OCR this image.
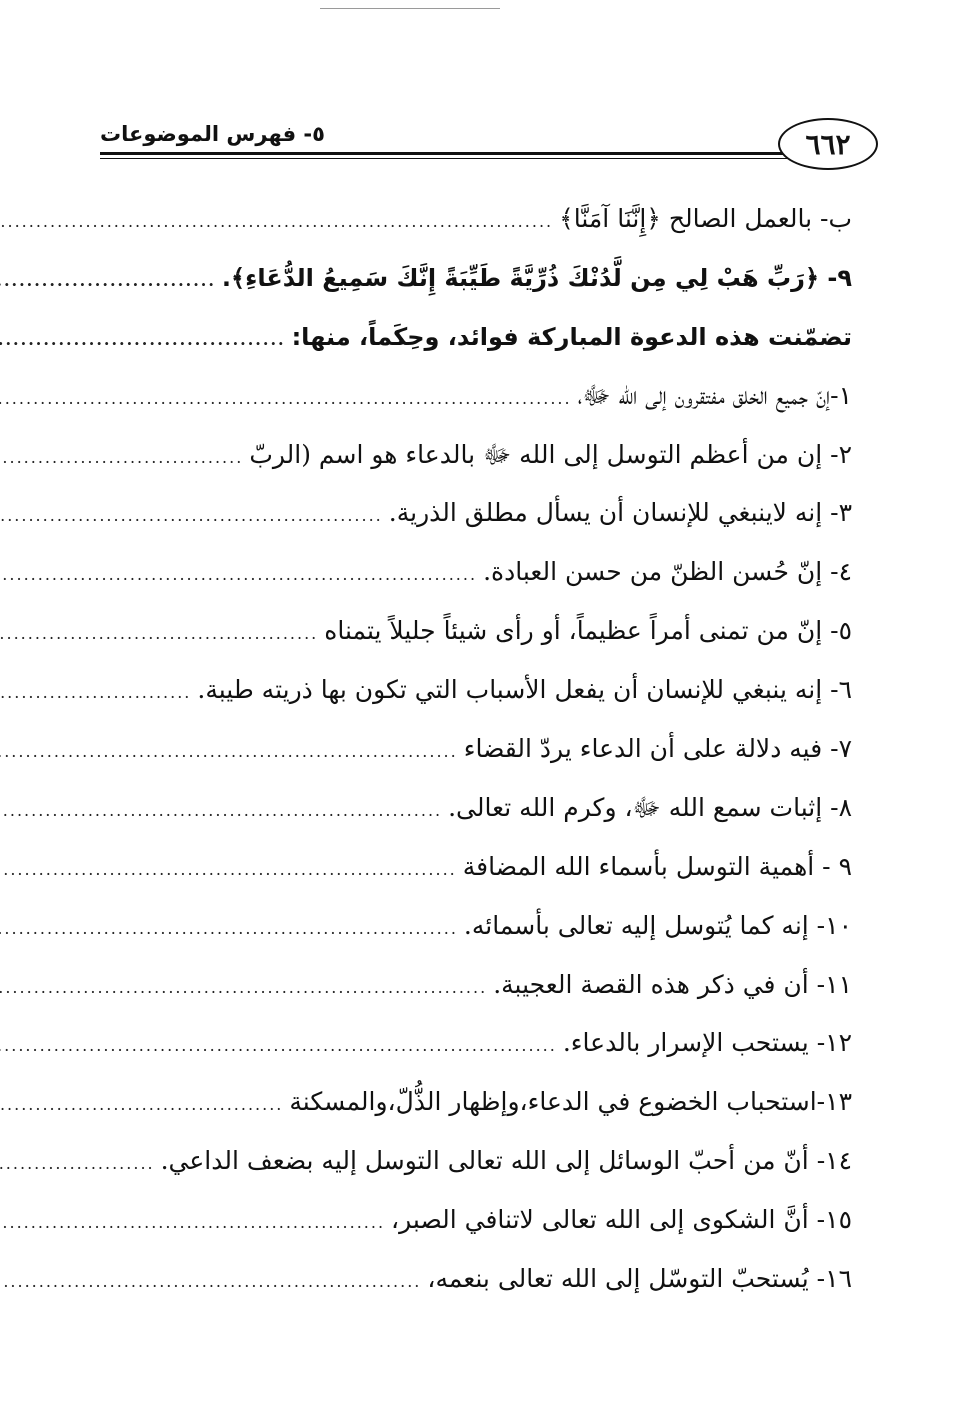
٦٦٢
٥- فهرس الموضوعات
ب- بالعمل الصالح ﴿إِنَّنَا آمَنَّا﴾
.....
٩- ﴿رَبِّ هَبْ لِي مِن لَّدُنْكَ ذُرِّيَّةً طَيِّبَةً إِنَّكَ سَمِيعُ الدُّعَاءِ﴾.
.....
تضمّنت هذه الدعوة المباركة فوائد، وحِكَماً، منها:
.....
١-إنّ جميع الخلق مفتقرون إلى الله ﷻ،
.....
٢- إن من أعظم التوسل إلى الله ﷻ بالدعاء هو اسم (الربّ
.....
٣- إنه لاينبغي للإنسان أن يسأل مطلق الذرية.
.....
٤- إنّ حُسن الظنّ من حسن العبادة.
.....
٥- إنّ من تمنى أمراً عظيماً، أو رأى شيئاً جليلاً يتمناه
.....
٦- إنه ينبغي للإنسان أن يفعل الأسباب التي تكون بها ذريته طيبة.
.....
٧- فيه دلالة على أن الدعاء يردّ القضاء
.....
٨- إثبات سمع الله ﷻ، وكرم الله تعالى.
.....
٩ - أهمية التوسل بأسماء الله المضافة
.....
١٠- إنه كما يُتوسل إليه تعالى بأسمائه.
.....
١١- أن في ذكر هذه القصة العجيبة.
.....
١٢- يستحب الإسرار بالدعاء.
.....
١٣-استحباب الخضوع في الدعاء،وإظهار الذُّلّ،والمسكنة
.....
١٤- أنّ من أحبّ الوسائل إلى الله تعالى التوسل إليه بضعف الداعي.
.....
١٥- أنَّ الشكوى إلى الله تعالى لاتنافي الصبر،
.....
١٦- يُستحبّ التوسّل إلى الله تعالى بنعمه،
.....
